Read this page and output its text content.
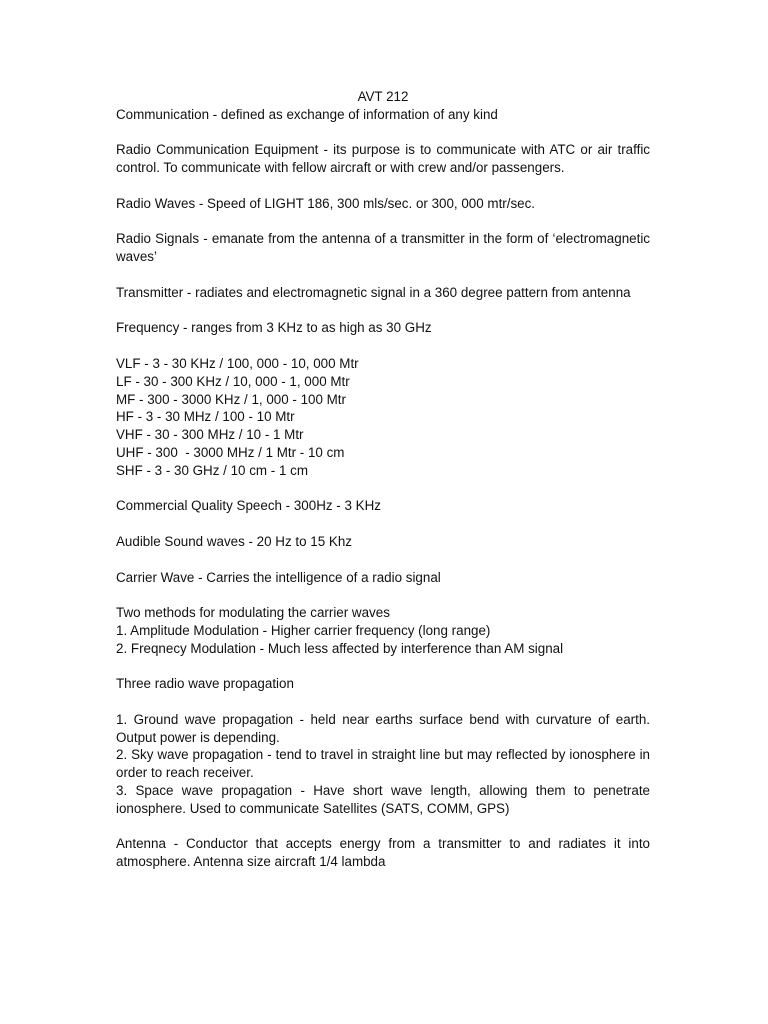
AVT 212

Communication - defined as exchange of information of any kind

Radio Communication Equipment - its purpose is to communicate with ATC or air traffic control. To communicate with fellow aircraft or with crew and/or passengers.

Radio Waves - Speed of LIGHT 186, 300 mls/sec. or 300, 000 mtr/sec.

Radio Signals - emanate from the antenna of a transmitter in the form of ‘electromagnetic waves’

Transmitter - radiates and electromagnetic signal in a 360 degree pattern from antenna

Frequency - ranges from 3 KHz to as high as 30 GHz

VLF - 3 - 30 KHz / 100, 000 - 10, 000 Mtr

LF - 30 - 300 KHz / 10, 000 - 1, 000 Mtr

MF - 300 - 3000 KHz / 1, 000 - 100 Mtr

HF - 3 - 30 MHz / 100 - 10 Mtr

VHF - 30 - 300 MHz / 10 - 1 Mtr

UHF - 300  - 3000 MHz / 1 Mtr - 10 cm

SHF - 3 - 30 GHz / 10 cm - 1 cm

Commercial Quality Speech - 300Hz - 3 KHz

Audible Sound waves - 20 Hz to 15 Khz

Carrier Wave - Carries the intelligence of a radio signal

Two methods for modulating the carrier waves

1. Amplitude Modulation - Higher carrier frequency (long range)

2. Freqnecy Modulation - Much less affected by interference than AM signal

Three radio wave propagation

1. Ground wave propagation - held near earths surface bend with curvature of earth. Output power is depending.

2. Sky wave propagation - tend to travel in straight line but may reflected by ionosphere in order to reach receiver.

3. Space wave propagation - Have short wave length, allowing them to penetrate ionosphere. Used to communicate Satellites (SATS, COMM, GPS)

Antenna - Conductor that accepts energy from a transmitter to and radiates it into atmosphere. Antenna size aircraft 1/4 lambda
